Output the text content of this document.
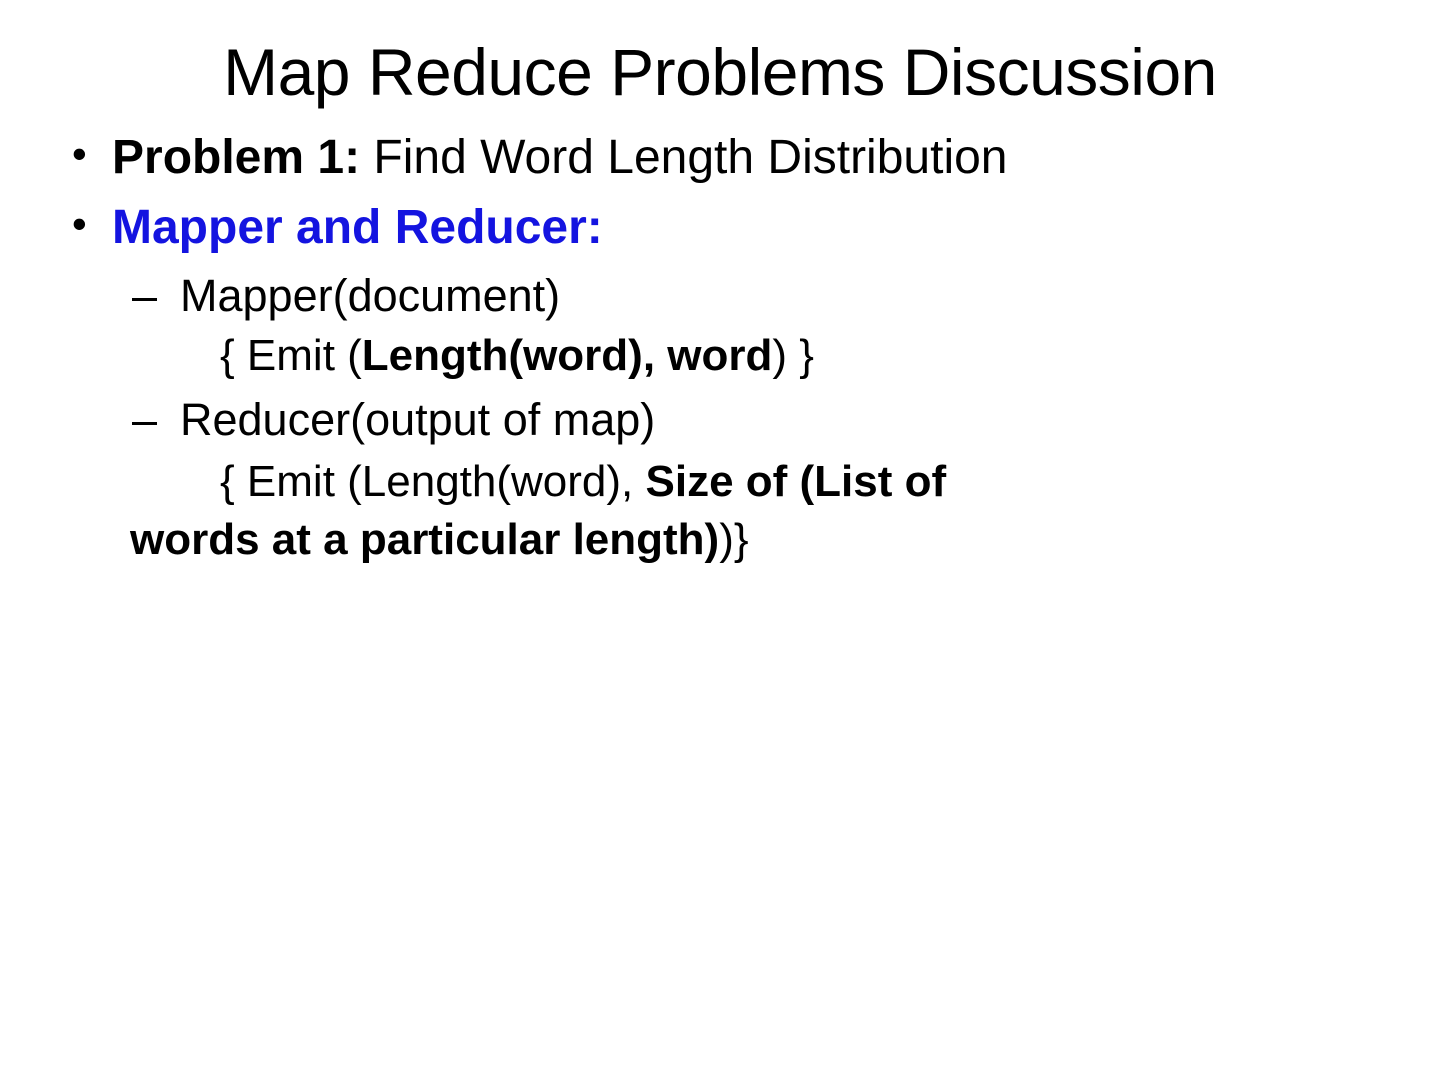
Map Reduce Problems Discussion

• Problem 1: Find Word Length Distribution

• Mapper and Reducer:

– Mapper(document)

{ Emit (Length(word), word) }

– Reducer(output of map)

{ Emit (Length(word), Size of (List of
words at a particular length))}
